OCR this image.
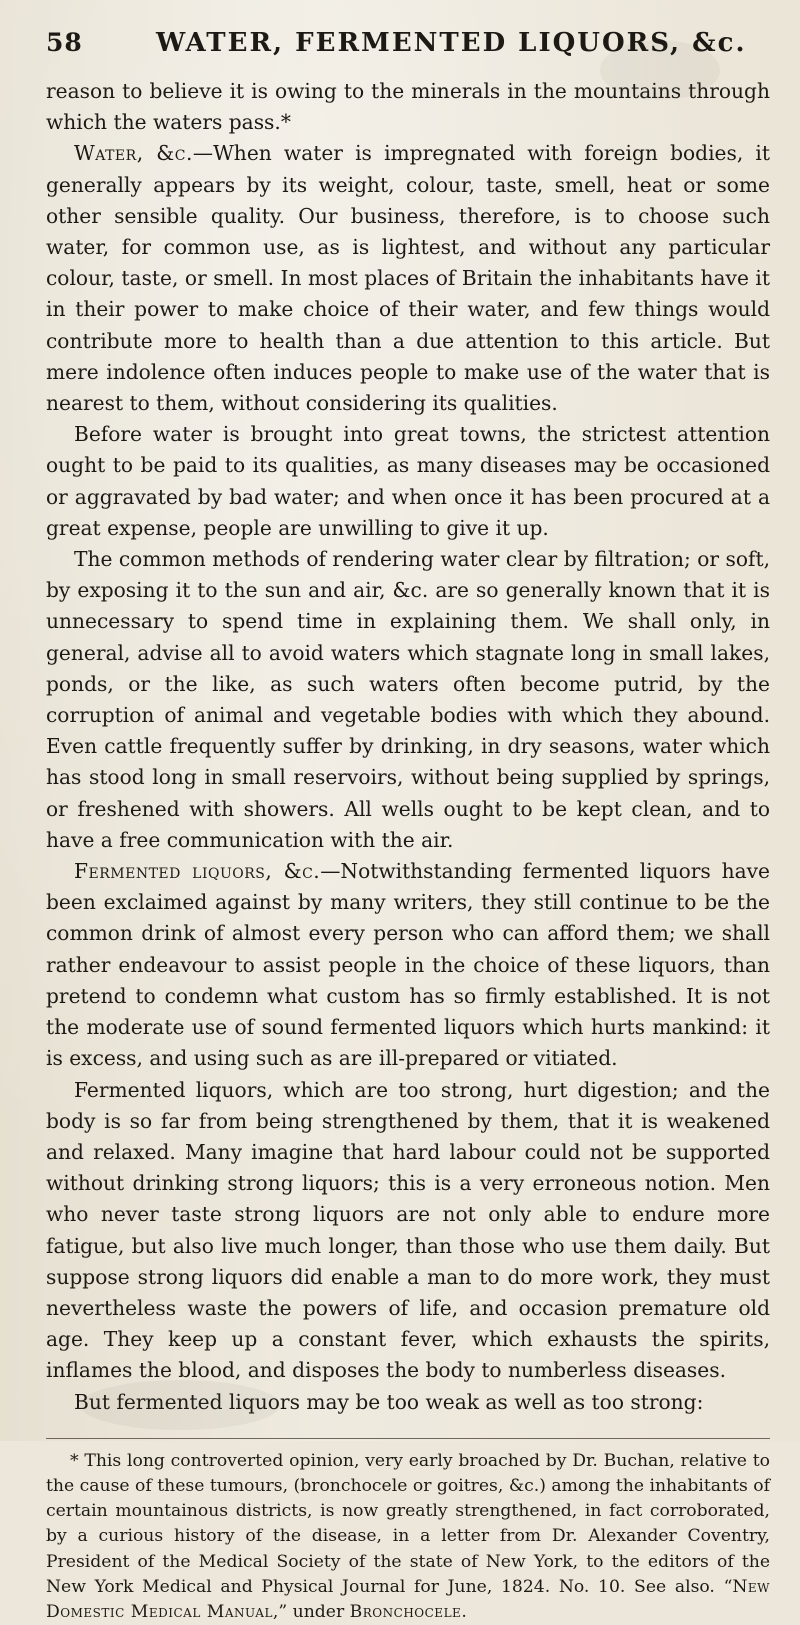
58	WATER, FERMENTED LIQUORS, &c.

reason to believe it is owing to the minerals in the mountains through which the waters pass.*

Water, &c.—When water is impregnated with foreign bodies, it generally appears by its weight, colour, taste, smell, heat or some other sensible quality. Our business, therefore, is to choose such water, for common use, as is lightest, and without any particular colour, taste, or smell. In most places of Britain the inhabitants have it in their power to make choice of their water, and few things would contribute more to health than a due attention to this article. But mere indolence often induces people to make use of the water that is nearest to them, without considering its qualities.

Before water is brought into great towns, the strictest attention ought to be paid to its qualities, as many diseases may be occasioned or aggravated by bad water; and when once it has been procured at a great expense, people are unwilling to give it up.

The common methods of rendering water clear by filtration; or soft, by exposing it to the sun and air, &c. are so generally known that it is unnecessary to spend time in explaining them. We shall only, in general, advise all to avoid waters which stagnate long in small lakes, ponds, or the like, as such waters often become putrid, by the corruption of animal and vegetable bodies with which they abound. Even cattle frequently suffer by drinking, in dry seasons, water which has stood long in small reservoirs, without being supplied by springs, or freshened with showers. All wells ought to be kept clean, and to have a free communication with the air.

Fermented liquors, &c.—Notwithstanding fermented liquors have been exclaimed against by many writers, they still continue to be the common drink of almost every person who can afford them; we shall rather endeavour to assist people in the choice of these liquors, than pretend to condemn what custom has so firmly established. It is not the moderate use of sound fermented liquors which hurts mankind: it is excess, and using such as are ill-prepared or vitiated.

Fermented liquors, which are too strong, hurt digestion; and the body is so far from being strengthened by them, that it is weakened and relaxed. Many imagine that hard labour could not be supported without drinking strong liquors; this is a very erroneous notion. Men who never taste strong liquors are not only able to endure more fatigue, but also live much longer, than those who use them daily. But suppose strong liquors did enable a man to do more work, they must nevertheless waste the powers of life, and occasion premature old age. They keep up a constant fever, which exhausts the spirits, inflames the blood, and disposes the body to numberless diseases.

But fermented liquors may be too weak as well as too strong:

* This long controverted opinion, very early broached by Dr. Buchan, relative to the cause of these tumours, (bronchocele or goitres, &c.) among the inhabitants of certain mountainous districts, is now greatly strengthened, in fact corroborated, by a curious history of the disease, in a letter from Dr. Alexander Coventry, President of the Medical Society of the state of New York, to the editors of the New York Medical and Physical Journal for June, 1824. No. 10. See also. “New Domestic Medical Manual,” under Bronchocele.
